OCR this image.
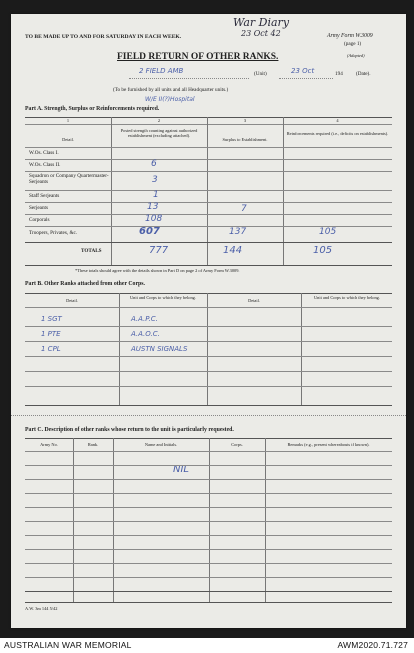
TO BE MADE UP TO AND FOR SATURDAY IN EACH WEEK.
War Diary
23 Oct 42	Army Form W.3009
(page 1)
(Adapted)
FIELD RETURN OF OTHER RANKS.
2 FIELD AMB	(Unit)	23 Oct	194	(Date).
(To be furnished by all units and all Headquarter units.)
W/E II(?)Hospital
Part A. Strength, Surplus or Reinforcements required.
1	2	3	4
Detail.
Posted strength counting against authorized establishment (excluding attached).
Surplus to Establishment.
Reinforcements required (i.e., deficits on establishments).
W.Os. Class I.
W.Os. Class II.	6
Squadron or Company Quartermaster-Serjeants	3
Staff Serjeants	1
Serjeants	13	7
Corporals	108
Troopers, Privates, &c.	607	137	105
TOTALS	777	144	105
*These totals should agree with the details shown in Part D on page 2 of Army Form W.3009.
Part B. Other Ranks attached from other Corps.
Detail.
Unit and Corps to which they belong.
Detail.
Unit and Corps to which they belong.
1 SGT	A.A.P.C.
1 PTE	A.A.O.C.
1 CPL	AUSTN SIGNALS
Part C. Description of other ranks whose return to the unit is particularly requested.
Army No.	Rank.	Name and Initials.	Corps.	Remarks (e.g., present whereabouts if known).
NIL
A.W. 3m 144 5/42
AUSTRALIAN WAR MEMORIAL	AWM2020.71.727
